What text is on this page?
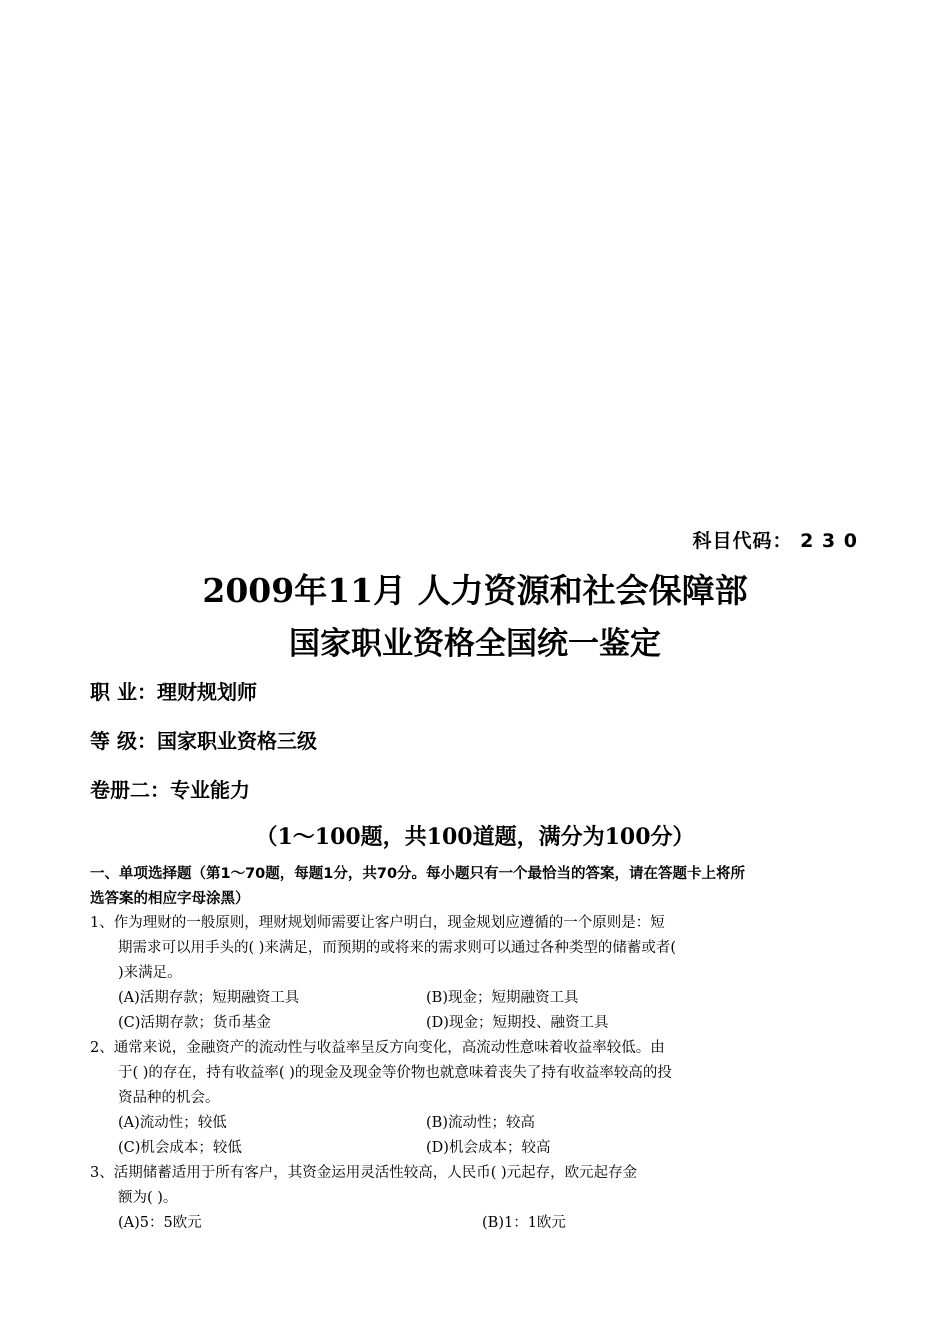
科目代码： 2 3 0
2009年11月 人力资源和社会保障部
国家职业资格全国统一鉴定
职 业：理财规划师
等 级：国家职业资格三级
卷册二：专业能力
（1～100题，共100道题，满分为100分）
一、单项选择题（第1～70题，每题1分，共70分。每小题只有一个最恰当的答案，请在答题卡上将所
选答案的相应字母涂黑）
1、作为理财的一般原则，理财规划师需要让客户明白，现金规划应遵循的一个原则是：短
期需求可以用手头的( )来满足，而预期的或将来的需求则可以通过各种类型的储蓄或者(
)来满足。
(A)活期存款；短期融资工具	(B)现金；短期融资工具
(C)活期存款；货币基金	(D)现金；短期投、融资工具
2、通常来说，金融资产的流动性与收益率呈反方向变化，高流动性意味着收益率较低。由
于( )的存在，持有收益率( )的现金及现金等价物也就意味着丧失了持有收益率较高的投
资品种的机会。
(A)流动性；较低	(B)流动性；较高
(C)机会成本；较低	(D)机会成本；较高
3、活期储蓄适用于所有客户，其资金运用灵活性较高，人民币( )元起存，欧元起存金
额为( )。
(A)5：5欧元	(B)1：1欧元
